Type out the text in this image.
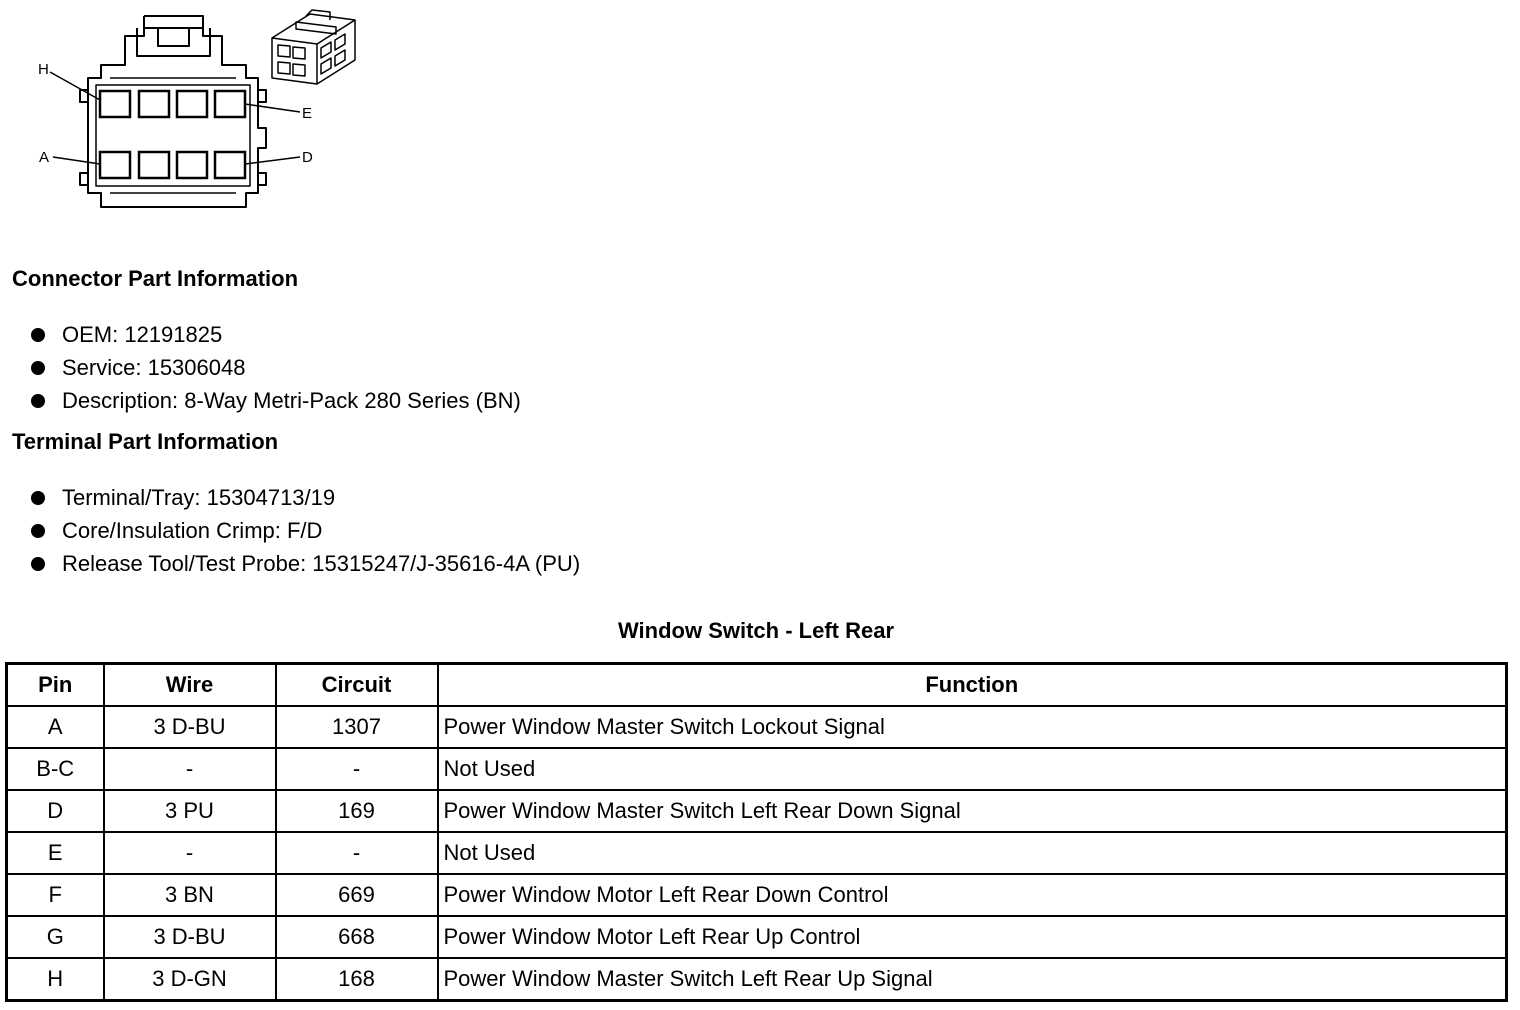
H
E
A	D
Connector Part Information
OEM: 12191825
Service: 15306048
Description: 8-Way Metri-Pack 280 Series (BN)
Terminal Part Information
Terminal/Tray: 15304713/19
Core/Insulation Crimp: F/D
Release Tool/Test Probe: 15315247/J-35616-4A (PU)
Window Switch - Left Rear
Pin	Wire	Circuit	Function
A	3 D-BU	1307	Power Window Master Switch Lockout Signal
B-C	-	-	Not Used
D	3 PU	169	Power Window Master Switch Left Rear Down Signal
E	-	-	Not Used
F	3 BN	669	Power Window Motor Left Rear Down Control
G	3 D-BU	668	Power Window Motor Left Rear Up Control
H	3 D-GN	168	Power Window Master Switch Left Rear Up Signal
